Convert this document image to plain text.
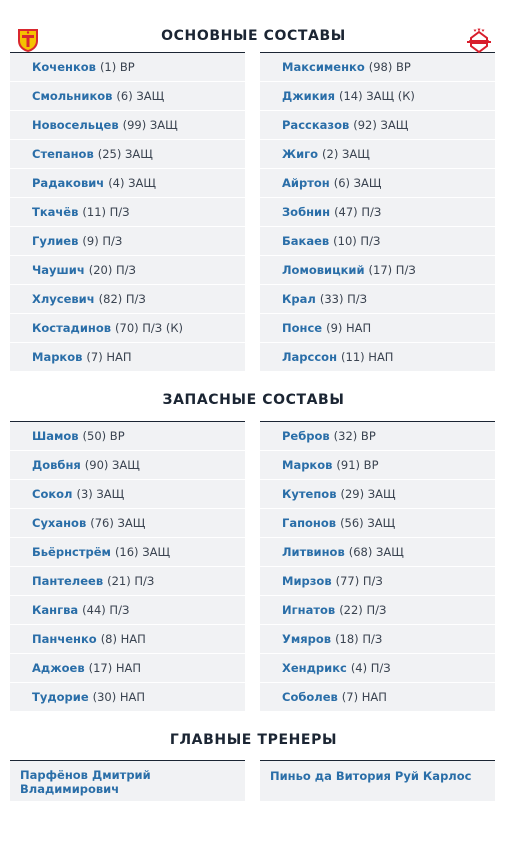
ОСНОВНЫЕ СОСТАВЫ
Коченков (1) ВР
Смольников (6) ЗАЩ
Новосельцев (99) ЗАЩ
Степанов (25) ЗАЩ
Радакович (4) ЗАЩ
Ткачёв (11) П/З
Гулиев (9) П/З
Чаушич (20) П/З
Хлусевич (82) П/З
Костадинов (70) П/З (К)
Марков (7) НАП
Максименко (98) ВР
Джикия (14) ЗАЩ (К)
Рассказов (92) ЗАЩ
Жиго (2) ЗАЩ
Айртон (6) ЗАЩ
Зобнин (47) П/З
Бакаев (10) П/З
Ломовицкий (17) П/З
Крал (33) П/З
Понсе (9) НАП
Ларссон (11) НАП
ЗАПАСНЫЕ СОСТАВЫ
Шамов (50) ВР
Довбня (90) ЗАЩ
Сокол (3) ЗАЩ
Суханов (76) ЗАЩ
Бьёрнстрём (16) ЗАЩ
Пантелеев (21) П/З
Кангва (44) П/З
Панченко (8) НАП
Аджоев (17) НАП
Тудорие (30) НАП
Ребров (32) ВР
Марков (91) ВР
Кутепов (29) ЗАЩ
Гапонов (56) ЗАЩ
Литвинов (68) ЗАЩ
Мирзов (77) П/З
Игнатов (22) П/З
Умяров (18) П/З
Хендрикс (4) П/З
Соболев (7) НАП
ГЛАВНЫЕ ТРЕНЕРЫ
Парфёнов Дмитрий Владимирович
Пиньо да Витория Руй Карлос
